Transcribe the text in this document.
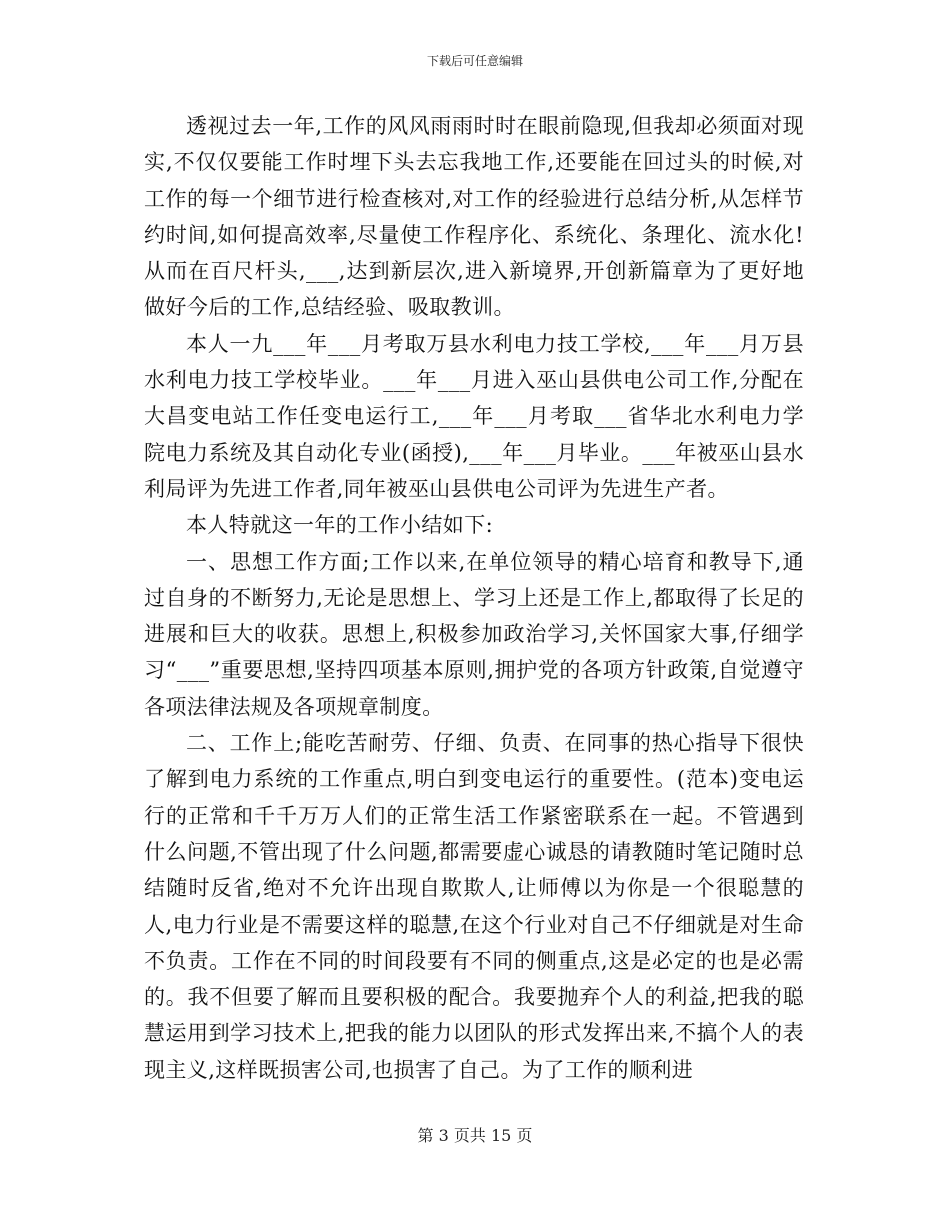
下载后可任意编辑

透视过去一年,工作的风风雨雨时时在眼前隐现,但我却必须面对现实,不仅仅要能工作时埋下头去忘我地工作,还要能在回过头的时候,对工作的每一个细节进行检查核对,对工作的经验进行总结分析,从怎样节约时间,如何提高效率,尽量使工作程序化、系统化、条理化、流水化!从而在百尺杆头,___,达到新层次,进入新境界,开创新篇章为了更好地做好今后的工作,总结经验、吸取教训。

本人一九___年___月考取万县水利电力技工学校,___年___月万县水利电力技工学校毕业。___年___月进入巫山县供电公司工作,分配在大昌变电站工作任变电运行工,___年___月考取___省华北水利电力学院电力系统及其自动化专业(函授),___年___月毕业。___年被巫山县水利局评为先进工作者,同年被巫山县供电公司评为先进生产者。

本人特就这一年的工作小结如下:

一、思想工作方面;工作以来,在单位领导的精心培育和教导下,通过自身的不断努力,无论是思想上、学习上还是工作上,都取得了长足的进展和巨大的收获。思想上,积极参加政治学习,关怀国家大事,仔细学习“___”重要思想,坚持四项基本原则,拥护党的各项方针政策,自觉遵守各项法律法规及各项规章制度。

二、工作上;能吃苦耐劳、仔细、负责、在同事的热心指导下很快了解到电力系统的工作重点,明白到变电运行的重要性。(范本)变电运行的正常和千千万万人们的正常生活工作紧密联系在一起。不管遇到什么问题,不管出现了什么问题,都需要虚心诚恳的请教随时笔记随时总结随时反省,绝对不允许出现自欺欺人,让师傅以为你是一个很聪慧的人,电力行业是不需要这样的聪慧,在这个行业对自己不仔细就是对生命不负责。工作在不同的时间段要有不同的侧重点,这是必定的也是必需的。我不但要了解而且要积极的配合。我要抛弃个人的利益,把我的聪慧运用到学习技术上,把我的能力以团队的形式发挥出来,不搞个人的表现主义,这样既损害公司,也损害了自己。为了工作的顺利进

第 3 页共 15 页
